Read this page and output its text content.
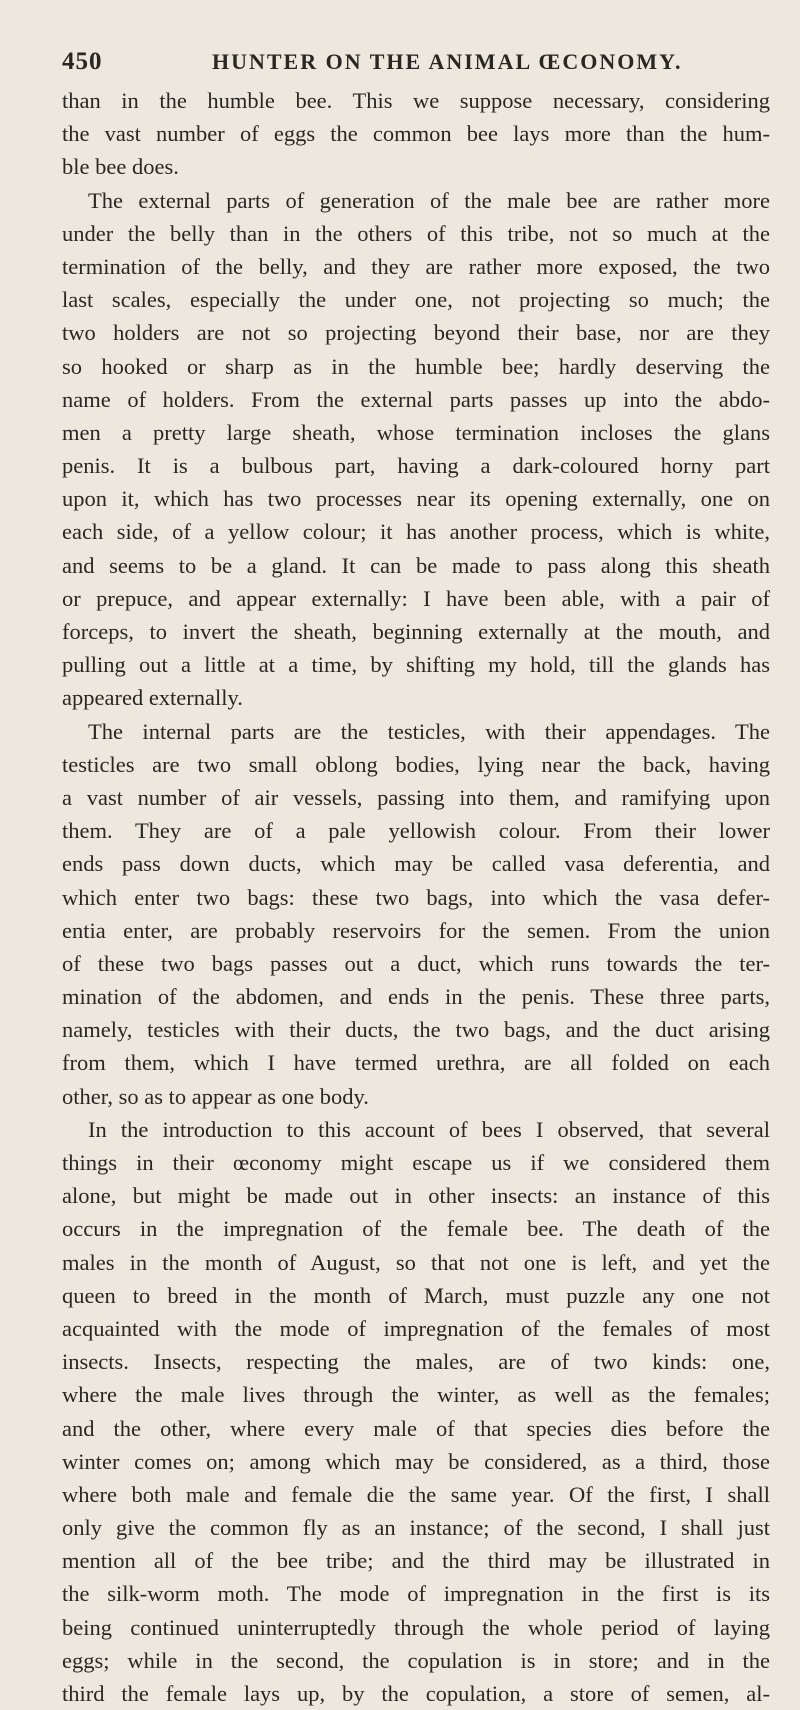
450	HUNTER ON THE ANIMAL ŒCONOMY.
than in the humble bee. This we suppose necessary, considering
the vast number of eggs the common bee lays more than the hum-
ble bee does.
The external parts of generation of the male bee are rather more
under the belly than in the others of this tribe, not so much at the
termination of the belly, and they are rather more exposed, the two
last scales, especially the under one, not projecting so much; the
two holders are not so projecting beyond their base, nor are they
so hooked or sharp as in the humble bee; hardly deserving the
name of holders. From the external parts passes up into the abdo-
men a pretty large sheath, whose termination incloses the glans
penis. It is a bulbous part, having a dark-coloured horny part
upon it, which has two processes near its opening externally, one on
each side, of a yellow colour; it has another process, which is white,
and seems to be a gland. It can be made to pass along this sheath
or prepuce, and appear externally: I have been able, with a pair of
forceps, to invert the sheath, beginning externally at the mouth, and
pulling out a little at a time, by shifting my hold, till the glands has
appeared externally.
The internal parts are the testicles, with their appendages. The
testicles are two small oblong bodies, lying near the back, having
a vast number of air vessels, passing into them, and ramifying upon
them. They are of a pale yellowish colour. From their lower
ends pass down ducts, which may be called vasa deferentia, and
which enter two bags: these two bags, into which the vasa defer-
entia enter, are probably reservoirs for the semen. From the union
of these two bags passes out a duct, which runs towards the ter-
mination of the abdomen, and ends in the penis. These three parts,
namely, testicles with their ducts, the two bags, and the duct arising
from them, which I have termed urethra, are all folded on each
other, so as to appear as one body.
In the introduction to this account of bees I observed, that several
things in their œconomy might escape us if we considered them
alone, but might be made out in other insects: an instance of this
occurs in the impregnation of the female bee. The death of the
males in the month of August, so that not one is left, and yet the
queen to breed in the month of March, must puzzle any one not
acquainted with the mode of impregnation of the females of most
insects. Insects, respecting the males, are of two kinds: one,
where the male lives through the winter, as well as the females;
and the other, where every male of that species dies before the
winter comes on; among which may be considered, as a third, those
where both male and female die the same year. Of the first, I shall
only give the common fly as an instance; of the second, I shall just
mention all of the bee tribe; and the third may be illustrated in
the silk-worm moth. The mode of impregnation in the first is its
being continued uninterruptedly through the whole period of laying
eggs; while in the second, the copulation is in store; and in the
third the female lays up, by the copulation, a store of semen, al-
